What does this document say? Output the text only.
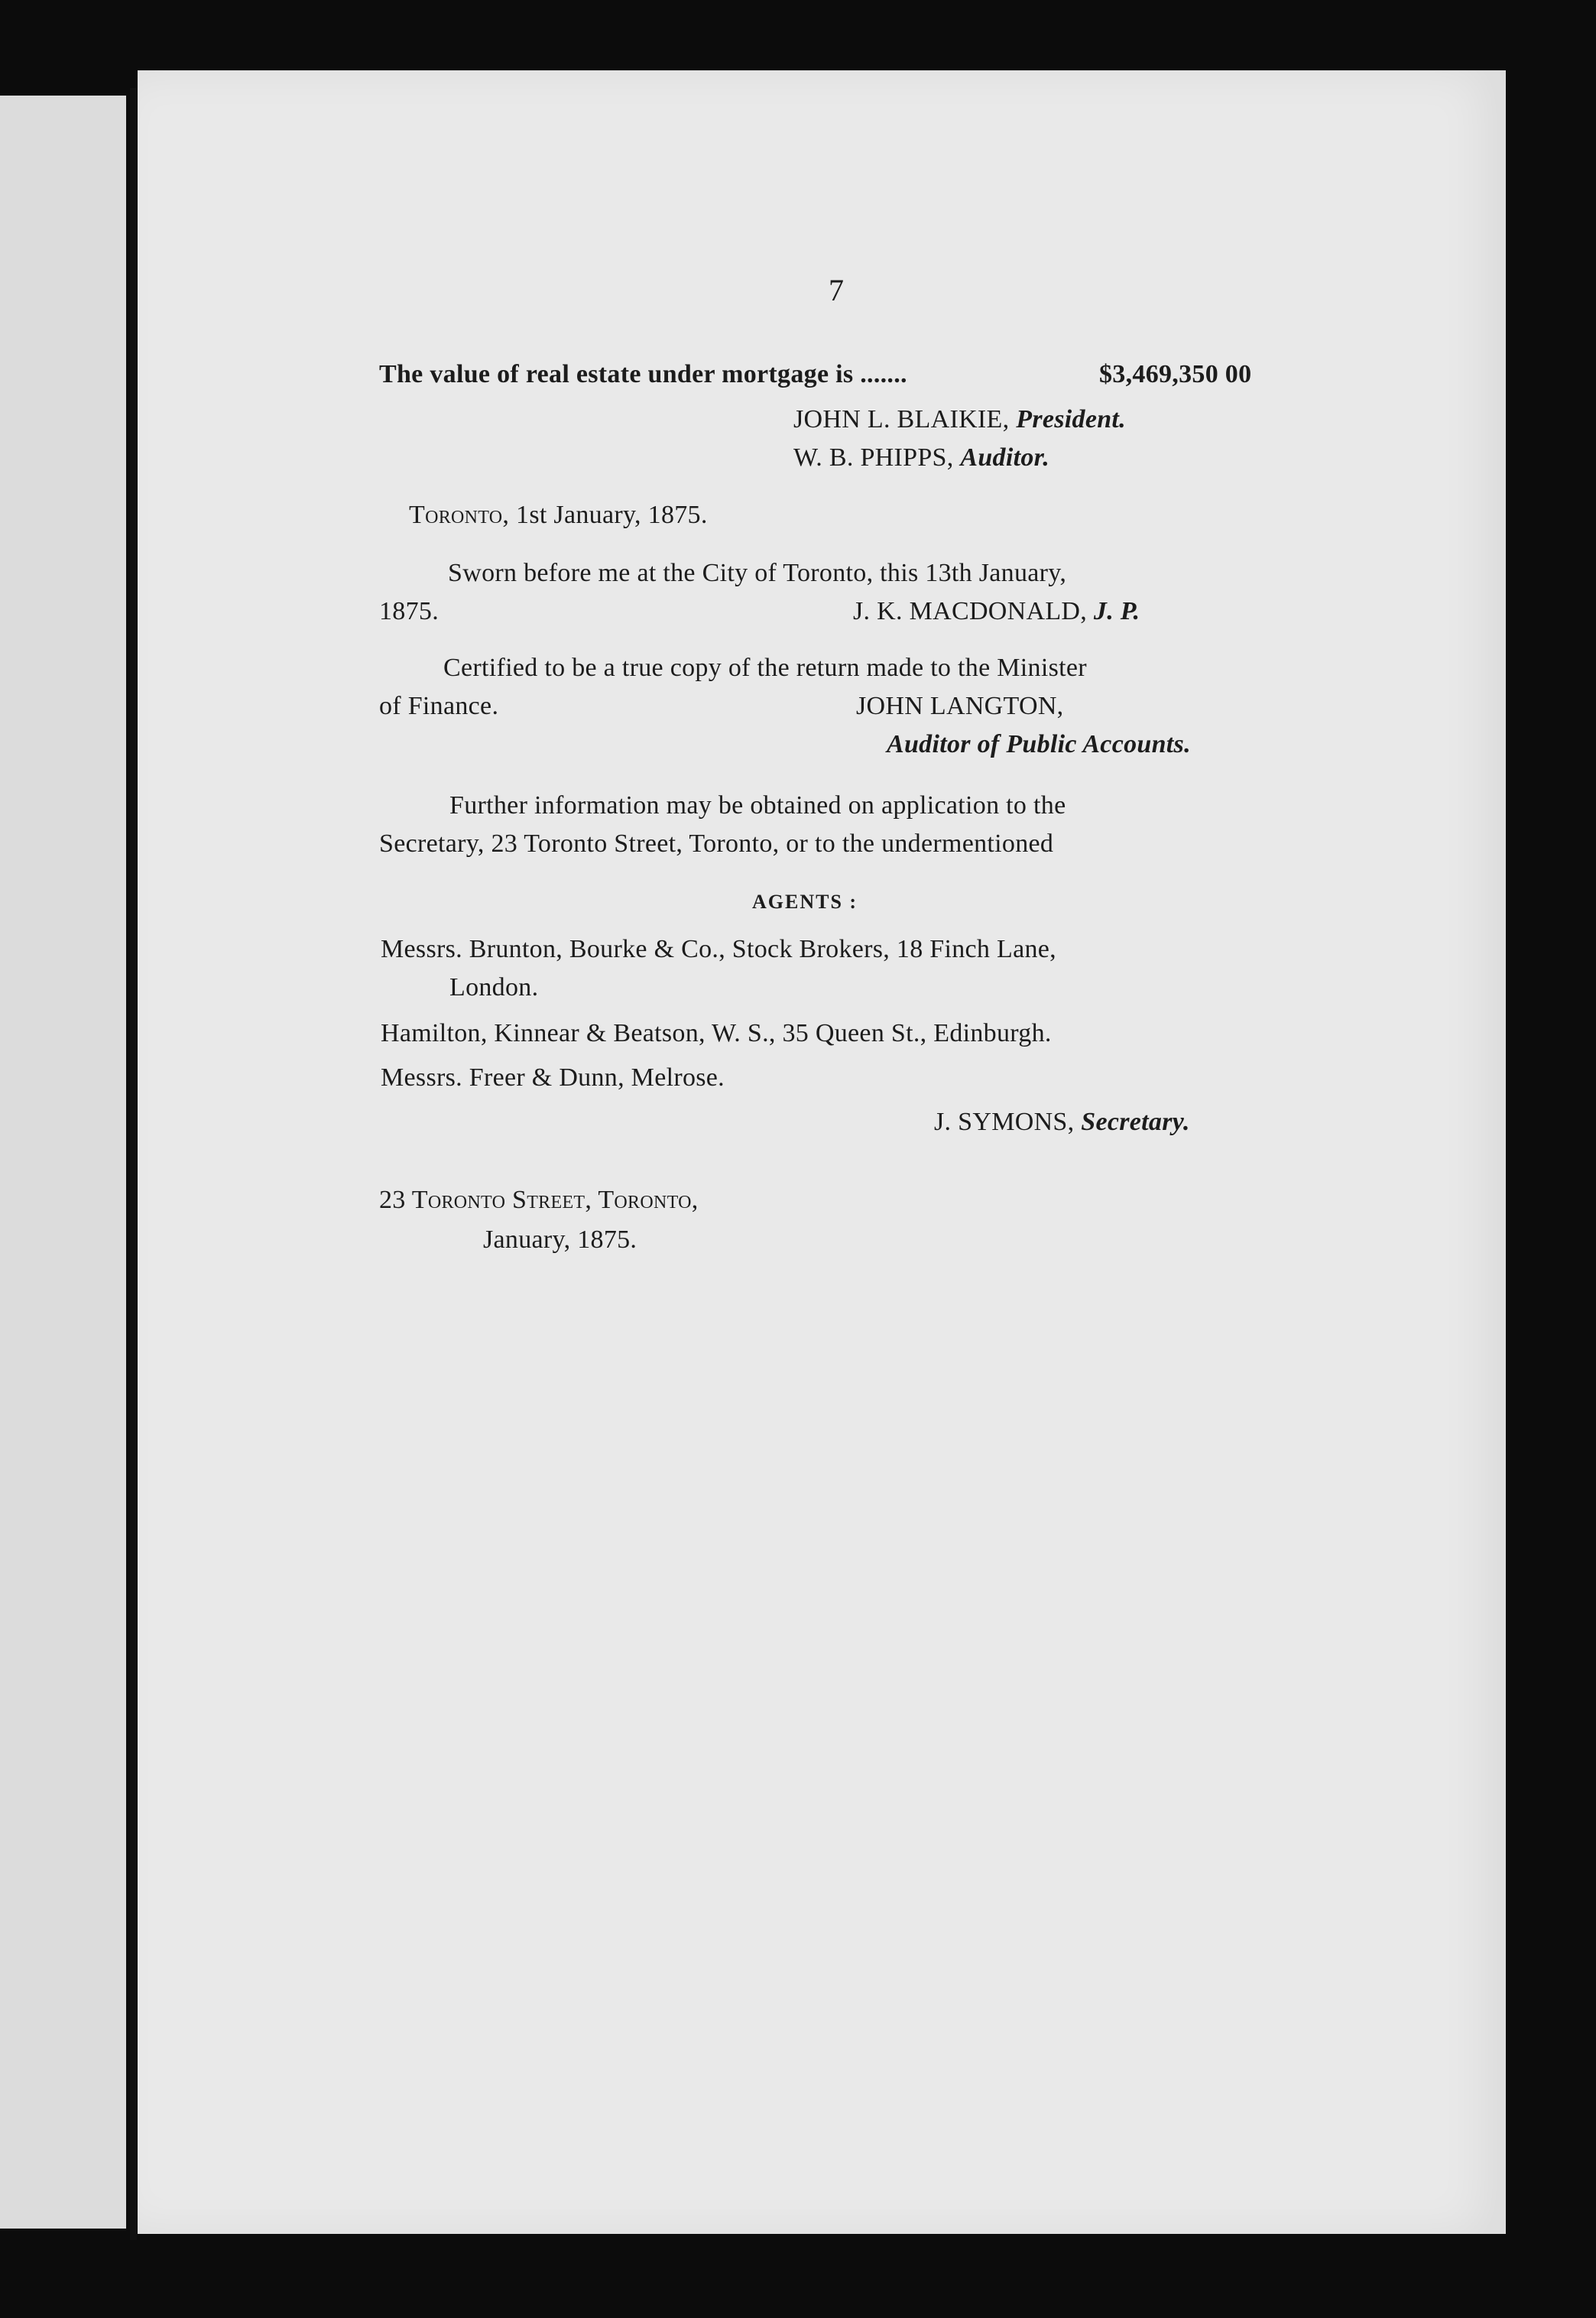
7
The value of real estate under mortgage is .......	$3,469,350 00
JOHN L. BLAIKIE, President.
W. B. PHIPPS, Auditor.
Toronto, 1st January, 1875.
Sworn before me at the City of Toronto, this 13th January,
1875.	J. K. MACDONALD, J. P.
Certified to be a true copy of the return made to the Minister
of Finance.	JOHN LANGTON,
Auditor of Public Accounts.
Further information may be obtained on application to the
Secretary, 23 Toronto Street, Toronto, or to the undermentioned
AGENTS :
Messrs. Brunton, Bourke & Co., Stock Brokers, 18 Finch Lane,
London.
Hamilton, Kinnear & Beatson, W. S., 35 Queen St., Edinburgh.
Messrs. Freer & Dunn, Melrose.
J. SYMONS, Secretary.
23 Toronto Street, Toronto,
January, 1875.
